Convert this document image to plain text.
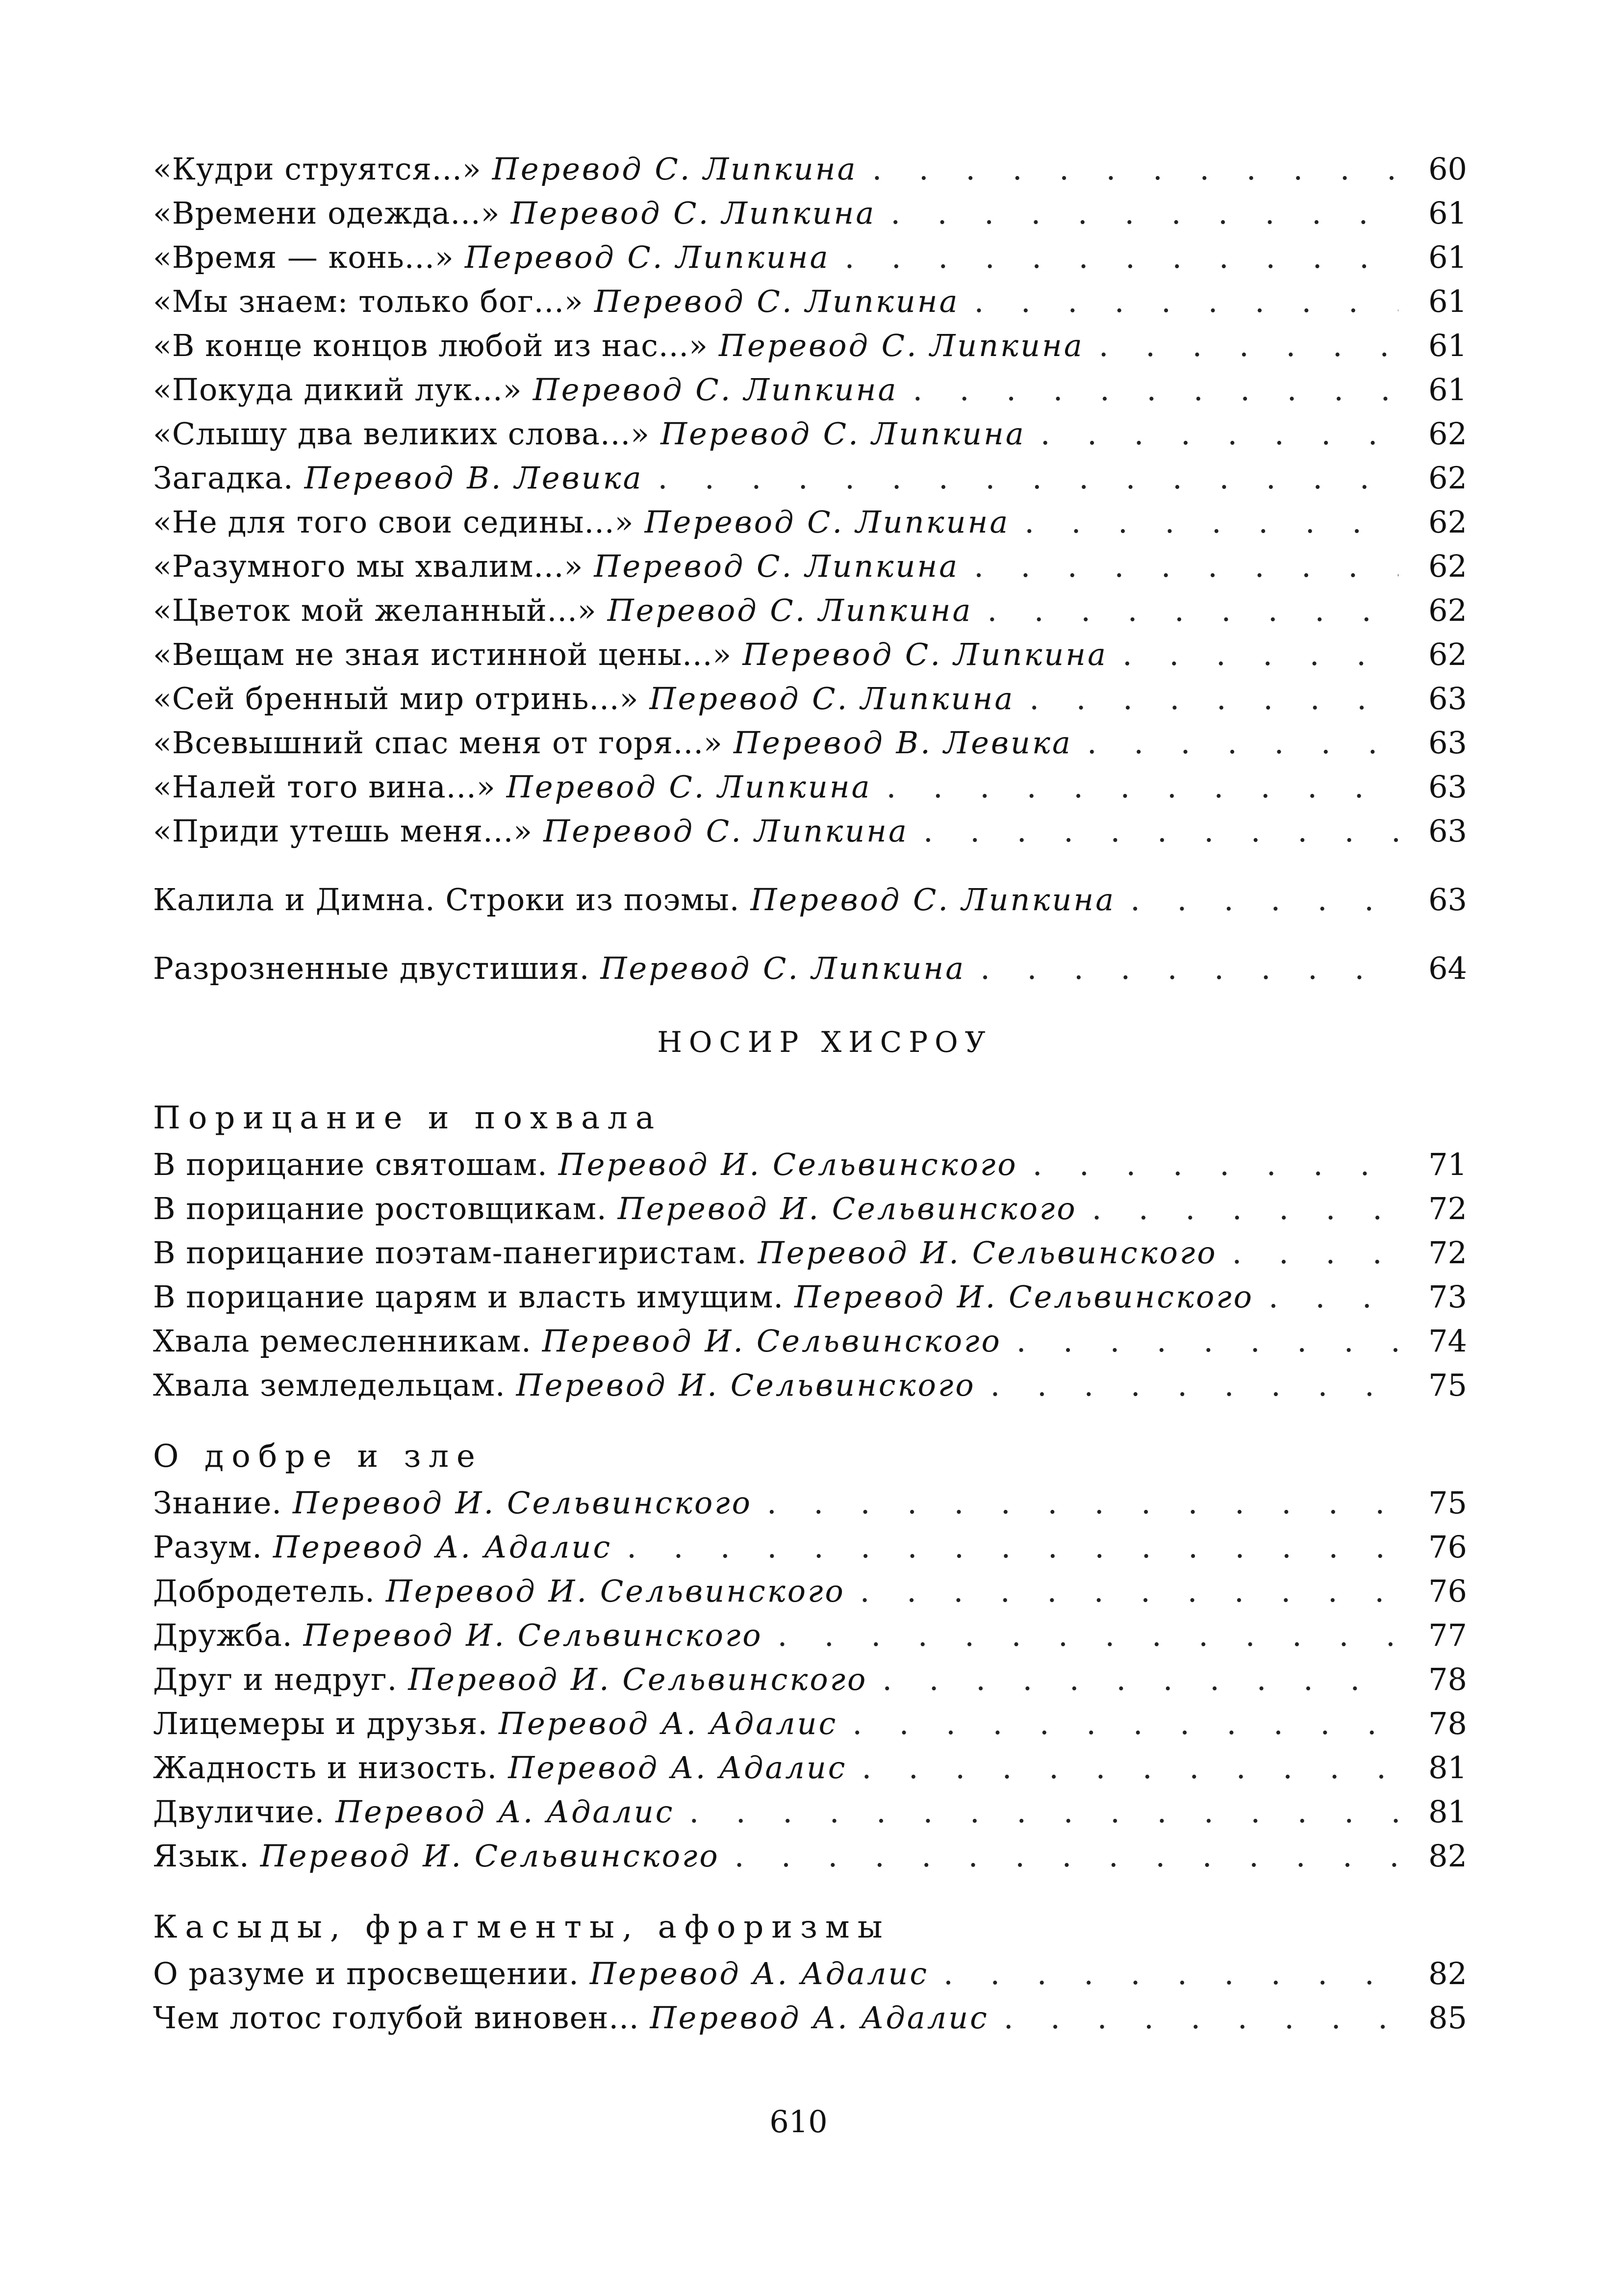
«Кудри струятся...» Перевод С. Липкина . . .	60
«Времени одежда...» Перевод С. Липкина . . .	61
«Время — конь...» Перевод С. Липкина . . .	61
«Мы знаем: только бог...» Перевод С. Липкина . . .	61
«В конце концов любой из нас...» Перевод С. Липкина . . .	61
«Покуда дикий лук...» Перевод С. Липкина . . .	61
«Слышу два великих слова...» Перевод С. Липкина . . .	62
Загадка. Перевод В. Левика . . .	62
«Не для того свои седины...» Перевод С. Липкина . . .	62
«Разумного мы хвалим...» Перевод С. Липкина . . .	62
«Цветок мой желанный...» Перевод С. Липкина . . .	62
«Вещам не зная истинной цены...» Перевод С. Липкина . . .	62
«Сей бренный мир отринь...» Перевод С. Липкина . . .	63
«Всевышний спас меня от горя...» Перевод В. Левика . . .	63
«Налей того вина...» Перевод С. Липкина . . .	63
«Приди утешь меня...» Перевод С. Липкина . . .	63
Калила и Димна. Строки из поэмы. Перевод С. Липкина . . .	63
Разрозненные двустишия. Перевод С. Липкина . . .	64
НОСИР ХИСРОУ
Порицание и похвала
В порицание святошам. Перевод И. Сельвинского . . .	71
В порицание ростовщикам. Перевод И. Сельвинского . . .	72
В порицание поэтам-панегиристам. Перевод И. Сельвинского . . .	72
В порицание царям и власть имущим. Перевод И. Сельвинского . . .	73
Хвала ремесленникам. Перевод И. Сельвинского . . .	74
Хвала земледельцам. Перевод И. Сельвинского . . .	75
О добре и зле
Знание. Перевод И. Сельвинского . . .	75
Разум. Перевод А. Адалис . . .	76
Добродетель. Перевод И. Сельвинского . . .	76
Дружба. Перевод И. Сельвинского . . .	77
Друг и недруг. Перевод И. Сельвинского . . .	78
Лицемеры и друзья. Перевод А. Адалис . . .	78
Жадность и низость. Перевод А. Адалис . . .	81
Двуличие. Перевод А. Адалис . . .	81
Язык. Перевод И. Сельвинского . . .	82
Касыды, фрагменты, афоризмы
О разуме и просвещении. Перевод А. Адалис . . .	82
Чем лотос голубой виновен... Перевод А. Адалис . . .	85
610
